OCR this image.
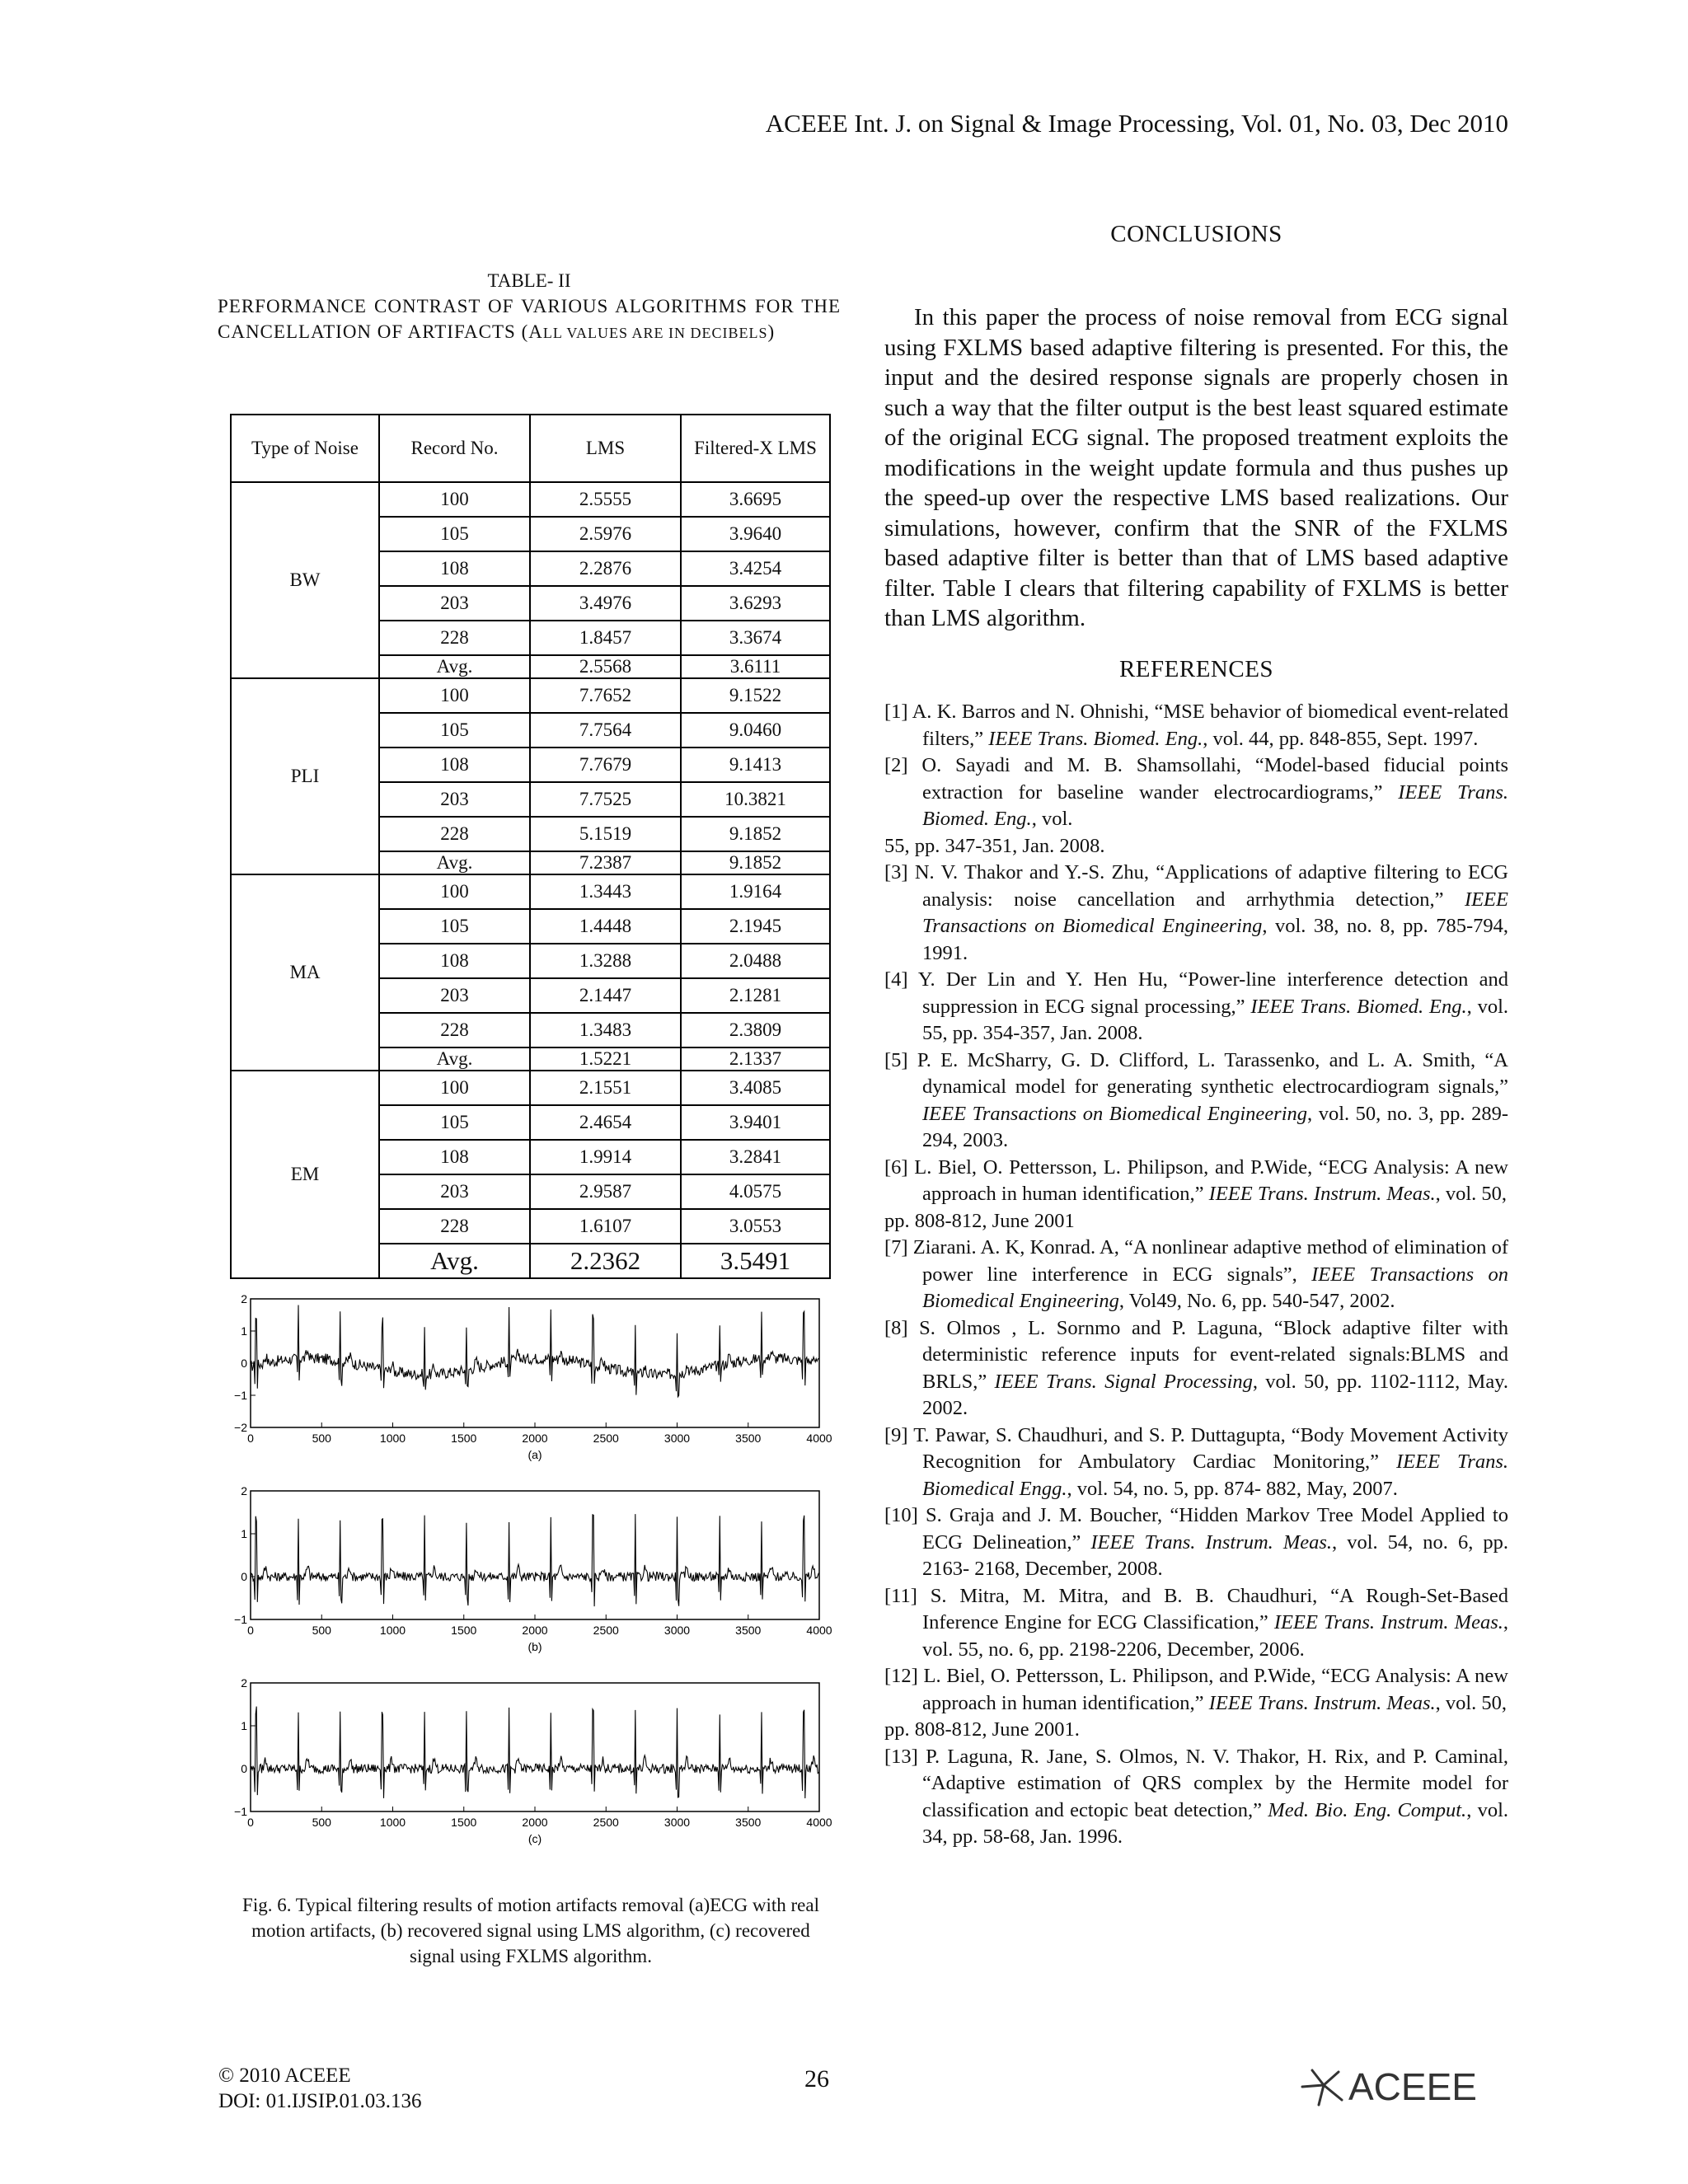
ACEEE Int. J. on Signal & Image Processing, Vol. 01, No. 03, Dec 2010
TABLE- II
PERFORMANCE CONTRAST OF VARIOUS ALGORITHMS FOR THE CANCELLATION OF ARTIFACTS (ALL VALUES ARE IN DECIBELS)
Type of Noise	Record No.	LMS	Filtered-X LMS
BW	100	2.5555	3.6695
	105	2.5976	3.9640
	108	2.2876	3.4254
	203	3.4976	3.6293
	228	1.8457	3.3674
	Avg.	2.5568	3.6111
PLI	100	7.7652	9.1522
	105	7.7564	9.0460
	108	7.7679	9.1413
	203	7.7525	10.3821
	228	5.1519	9.1852
	Avg.	7.2387	9.1852
MA	100	1.3443	1.9164
	105	1.4448	2.1945
	108	1.3288	2.0488
	203	2.1447	2.1281
	228	1.3483	2.3809
	Avg.	1.5221	2.1337
EM	100	2.1551	3.4085
	105	2.4654	3.9401
	108	1.9914	3.2841
	203	2.9587	4.0575
	228	1.6107	3.0553
	Avg.	2.2362	3.5491
2
1
0
−1
−2
0	500	1000	1500	2000	2500	3000	3500	4000
(a)
2
1
0
−1
0	500	1000	1500	2000	2500	3000	3500	4000
(b)
2
1
0
−1
0	500	1000	1500	2000	2500	3000	3500	4000
(c)
Fig. 6. Typical filtering results of motion artifacts removal (a)ECG with real motion artifacts, (b) recovered signal using LMS algorithm, (c) recovered signal using FXLMS algorithm.
CONCLUSIONS
In this paper the process of noise removal from ECG signal using FXLMS based adaptive filtering is presented. For this, the input and the desired response signals are properly chosen in such a way that the filter output is the best least squared estimate of the original ECG signal. The proposed treatment exploits the modifications in the weight update formula and thus pushes up the speed-up over the respective LMS based realizations. Our simulations, however, confirm that the SNR of the FXLMS based adaptive filter is better than that of LMS based adaptive filter. Table I clears that filtering capability of FXLMS is better than LMS algorithm.
REFERENCES
[1] A. K. Barros and N. Ohnishi, “MSE behavior of biomedical event-related filters,” IEEE Trans. Biomed. Eng., vol. 44, pp. 848-855, Sept. 1997.
[2] O. Sayadi and M. B. Shamsollahi, “Model-based fiducial points extraction for baseline wander electrocardiograms,” IEEE Trans. Biomed. Eng., vol.
55, pp. 347-351, Jan. 2008.
[3] N. V. Thakor and Y.-S. Zhu, “Applications of adaptive filtering to ECG analysis: noise cancellation and arrhythmia detection,” IEEE Transactions on Biomedical Engineering, vol. 38, no. 8, pp. 785-794, 1991.
[4] Y. Der Lin and Y. Hen Hu, “Power-line interference detection and suppression in ECG signal processing,” IEEE Trans. Biomed. Eng., vol. 55, pp. 354-357, Jan. 2008.
[5] P. E. McSharry, G. D. Clifford, L. Tarassenko, and L. A. Smith, “A dynamical model for generating synthetic electrocardiogram signals,” IEEE Transactions on Biomedical Engineering, vol. 50, no. 3, pp. 289- 294, 2003.
[6] L. Biel, O. Pettersson, L. Philipson, and P.Wide, “ECG Analysis: A new approach in human identification,” IEEE Trans. Instrum. Meas., vol. 50,
pp. 808-812, June 2001
[7] Ziarani. A. K, Konrad. A, “A nonlinear adaptive method of elimination of power line interference in ECG signals”, IEEE Transactions on Biomedical Engineering, Vol49, No. 6, pp. 540-547, 2002.
[8] S. Olmos , L. Sornmo and P. Laguna, “Block adaptive filter with deterministic reference inputs for event-related signals:BLMS and BRLS,” IEEE Trans. Signal Processing, vol. 50, pp. 1102-1112, May. 2002.
[9] T. Pawar, S. Chaudhuri, and S. P. Duttagupta, “Body Movement Activity Recognition for Ambulatory Cardiac Monitoring,” IEEE Trans. Biomedical Engg., vol. 54, no. 5, pp. 874- 882, May, 2007.
[10] S. Graja and J. M. Boucher, “Hidden Markov Tree Model Applied to ECG Delineation,” IEEE Trans. Instrum. Meas., vol. 54, no. 6, pp. 2163- 2168, December, 2008.
[11] S. Mitra, M. Mitra, and B. B. Chaudhuri, “A Rough-Set-Based Inference Engine for ECG Classification,” IEEE Trans. Instrum. Meas., vol. 55, no. 6, pp. 2198-2206, December, 2006.
[12] L. Biel, O. Pettersson, L. Philipson, and P.Wide, “ECG Analysis: A new approach in human identification,” IEEE Trans. Instrum. Meas., vol. 50,
pp. 808-812, June 2001.
[13] P. Laguna, R. Jane, S. Olmos, N. V. Thakor, H. Rix, and P. Caminal, “Adaptive estimation of QRS complex by the Hermite model for classification and ectopic beat detection,” Med. Bio. Eng. Comput., vol. 34, pp. 58-68, Jan. 1996.
© 2010 ACEEE
DOI: 01.IJSIP.01.03.136
26	ACEEE
